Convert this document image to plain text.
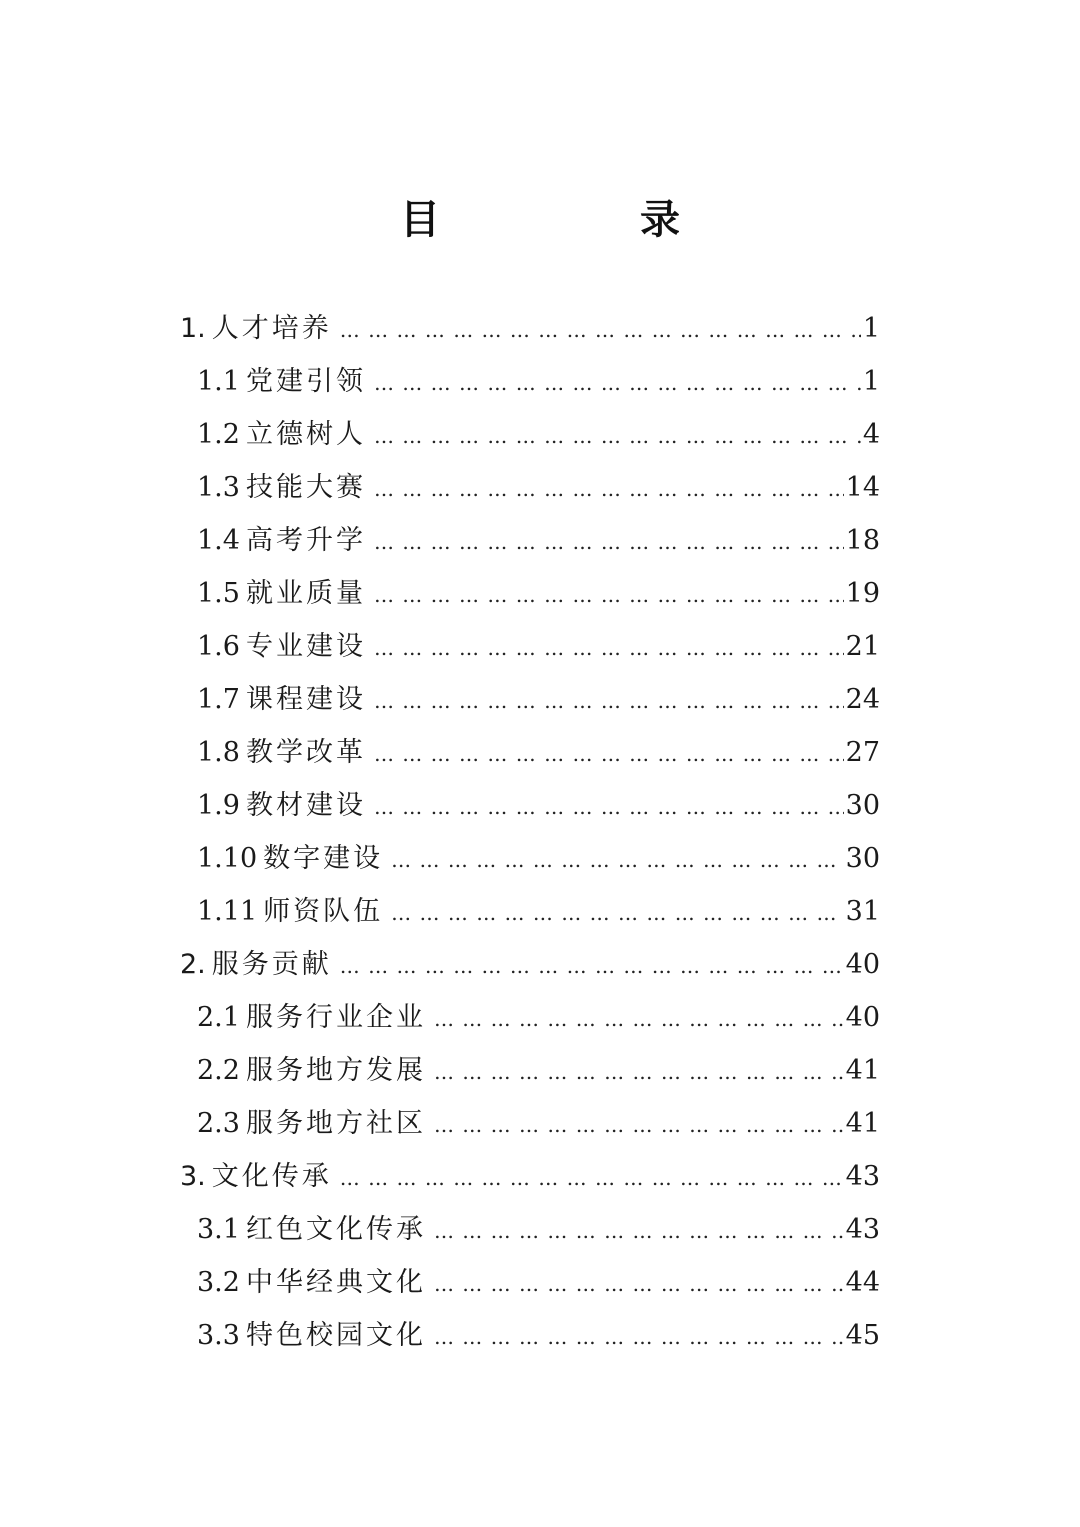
目　录
1. 人才培养 … … … … … … … … … … … … … … … … … … … … … … … … … … … … … … … … … … … …	1
1.1 党建引领 … … … … … … … … … … … … … … … … … … … … … … … … … … … … … … … … … … … …	1
1.2 立德树人 … … … … … … … … … … … … … … … … … … … … … … … … … … … … … … … … … … … …	4
1.3 技能大赛 … … … … … … … … … … … … … … … … … … … … … … … … … … … … … … … … … … … …	14
1.4 高考升学 … … … … … … … … … … … … … … … … … … … … … … … … … … … … … … … … … … … …	18
1.5 就业质量 … … … … … … … … … … … … … … … … … … … … … … … … … … … … … … … … … … … …	19
1.6 专业建设 … … … … … … … … … … … … … … … … … … … … … … … … … … … … … … … … … … … …	21
1.7 课程建设 … … … … … … … … … … … … … … … … … … … … … … … … … … … … … … … … … … … …	24
1.8 教学改革 … … … … … … … … … … … … … … … … … … … … … … … … … … … … … … … … … … … …	27
1.9 教材建设 … … … … … … … … … … … … … … … … … … … … … … … … … … … … … … … … … … … …	30
1.10 数字建设 … … … … … … … … … … … … … … … … … … … … … … … … … … … … … … … … … … … …	30
1.11 师资队伍 … … … … … … … … … … … … … … … … … … … … … … … … … … … … … … … … … … … …	31
2. 服务贡献 … … … … … … … … … … … … … … … … … … … … … … … … … … … … … … … … … … … …	40
2.1 服务行业企业 … … … … … … … … … … … … … … … … … … … … … … … … … … … … … … … … … … … …	40
2.2 服务地方发展 … … … … … … … … … … … … … … … … … … … … … … … … … … … … … … … … … … … …	41
2.3 服务地方社区 … … … … … … … … … … … … … … … … … … … … … … … … … … … … … … … … … … … …	41
3. 文化传承 … … … … … … … … … … … … … … … … … … … … … … … … … … … … … … … … … … … …	43
3.1 红色文化传承 … … … … … … … … … … … … … … … … … … … … … … … … … … … … … … … … … … … …	43
3.2 中华经典文化 … … … … … … … … … … … … … … … … … … … … … … … … … … … … … … … … … … … …	44
3.3 特色校园文化 … … … … … … … … … … … … … … … … … … … … … … … … … … … … … … … … … … … …	45
